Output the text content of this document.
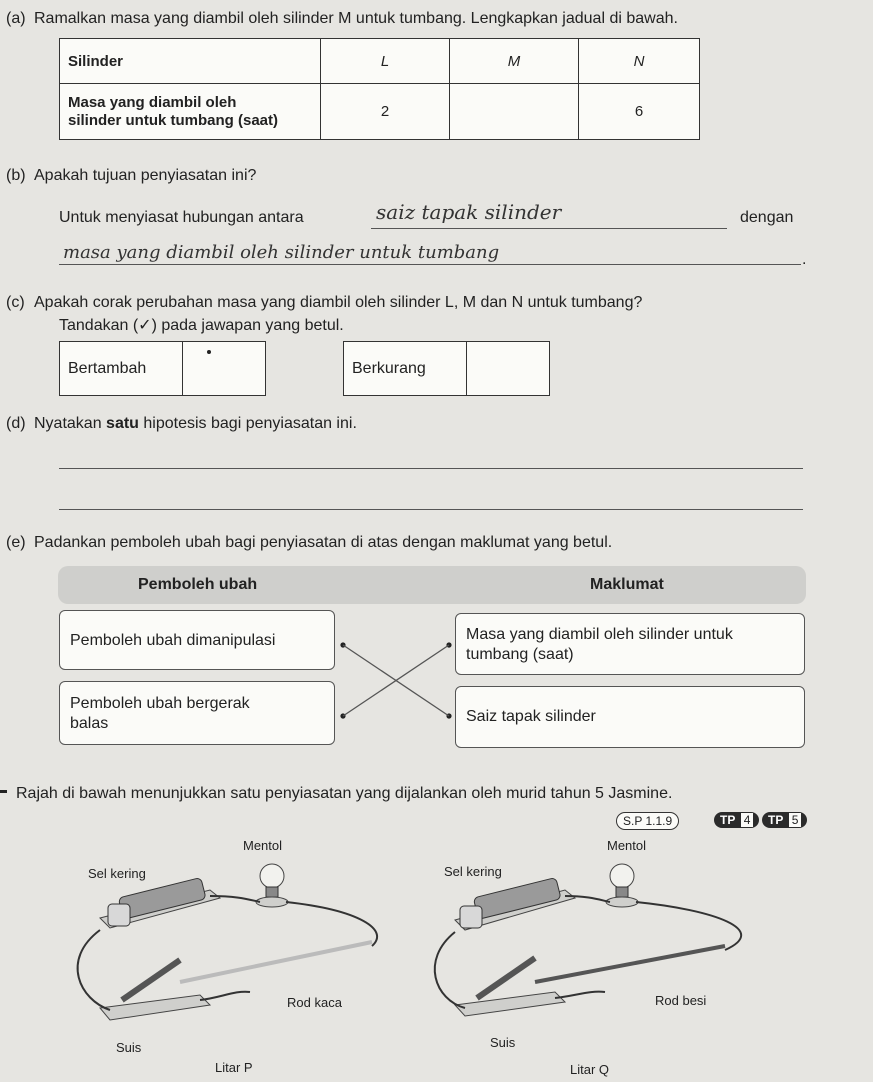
(a) Ramalkan masa yang diambil oleh silinder M untuk tumbang. Lengkapkan jadual di bawah.
Silinder	L	M	N

Masa yang diambil oleh
silinder untuk tumbang (saat)	2		6
(b) Apakah tujuan penyiasatan ini?
Untuk menyiasat hubungan antara	saiz tapak silinder	dengan
masa yang diambil oleh silinder untuk tumbang	.
(c) Apakah corak perubahan masa yang diambil oleh silinder L, M dan N untuk tumbang?
Tandakan (✓) pada jawapan yang betul.
Bertambah		Berkurang	
(d) Nyatakan satu hipotesis bagi penyiasatan ini.
(e) Padankan pemboleh ubah bagi penyiasatan di atas dengan maklumat yang betul.
Pemboleh ubah	Maklumat
Pemboleh ubah dimanipulasi
Pemboleh ubah bergerak
balas
Masa yang diambil oleh silinder untuk
tumbang (saat)
Saiz tapak silinder
Rajah di bawah menunjukkan satu penyiasatan yang dijalankan oleh murid tahun 5 Jasmine.
S.P 1.1.9	TP 4	TP 5
Mentol
Sel kering
Rod kaca
Suis
Litar P
Mentol
Sel kering
Rod besi
Suis
Litar Q
